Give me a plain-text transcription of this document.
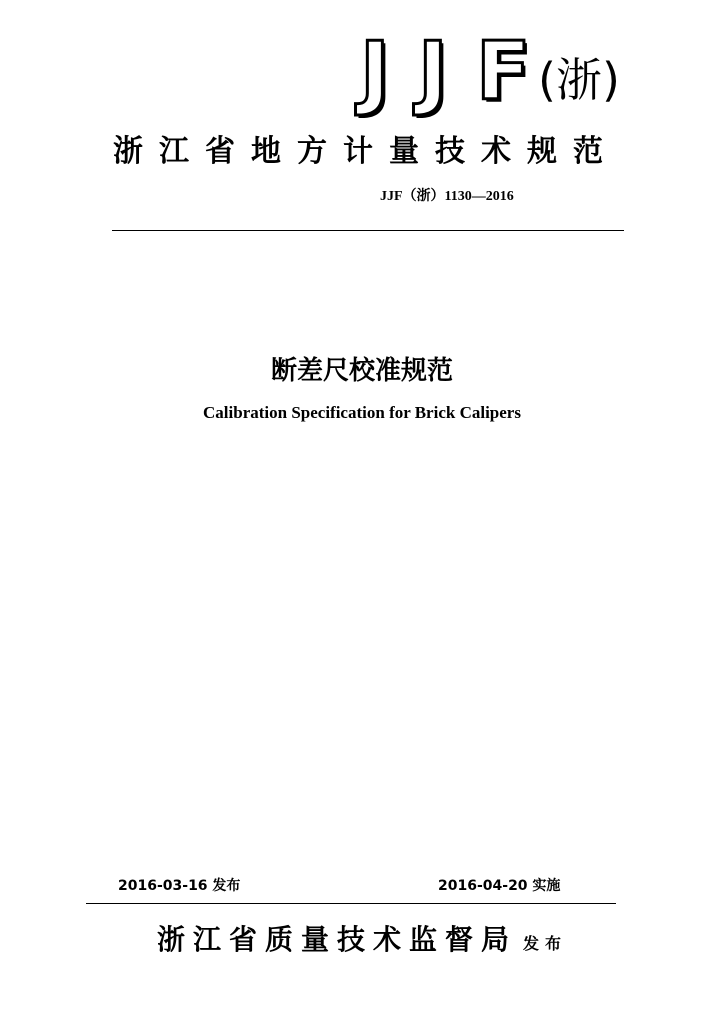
J J F (浙)
浙江省地方计量技术规范
JJF（浙）1130—2016
断差尺校准规范
Calibration Specification for Brick Calipers
2016-03-16 发布	2016-04-20 实施
浙江省质量技术监督局 发布
